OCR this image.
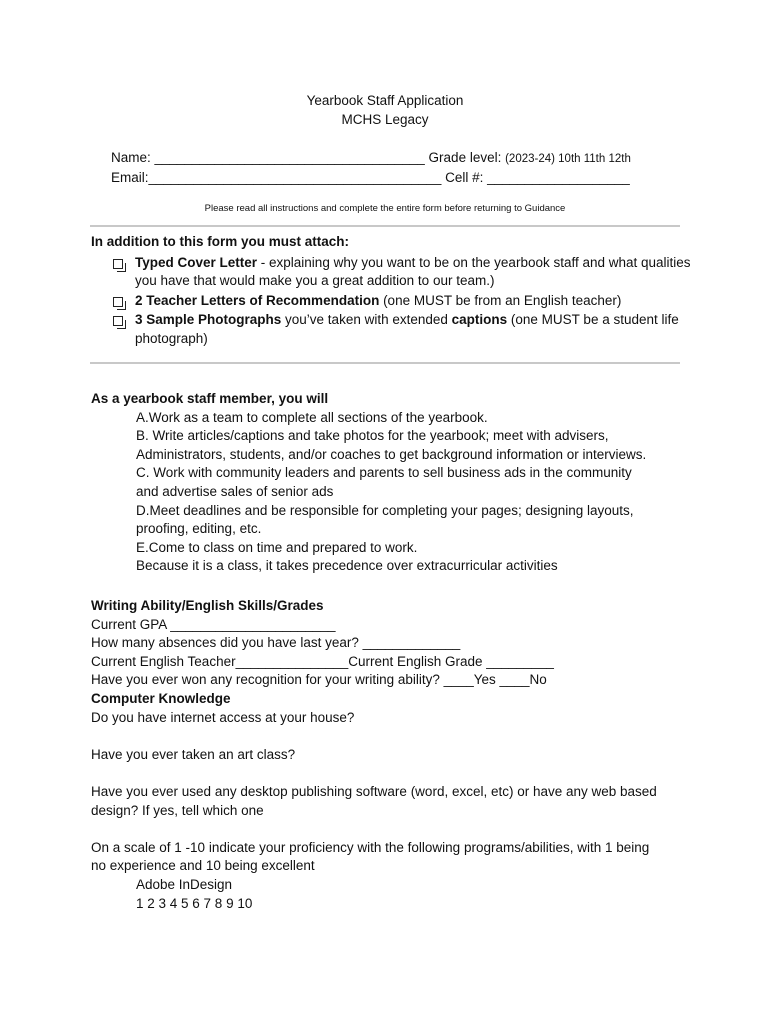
Yearbook Staff Application
MCHS Legacy
Name: ____________________________________ Grade level: (2023-24) 10th 11th 12th
Email:_______________________________________ Cell #: ___________________
Please read all instructions and complete the entire form before returning to Guidance
In addition to this form you must attach:
Typed Cover Letter - explaining why you want to be on the yearbook staff and what qualities you have that would make you a great addition to our team.)
2 Teacher Letters of Recommendation (one MUST be from an English teacher)
3 Sample Photographs you’ve taken with extended captions (one MUST be a student life photograph)
As a yearbook staff member, you will
A.Work as a team to complete all sections of the yearbook.
B. Write articles/captions and take photos for the yearbook; meet with advisers,
Administrators, students, and/or coaches to get background information or interviews.
C. Work with community leaders and parents to sell business ads in the community
and advertise sales of senior ads
D.Meet deadlines and be responsible for completing your pages; designing layouts,
proofing, editing, etc.
E.Come to class on time and prepared to work.
Because it is a class, it takes precedence over extracurricular activities
Writing Ability/English Skills/Grades
Current GPA ______________________
How many absences did you have last year? _____________
Current English Teacher_______________Current English Grade _________
Have you ever won any recognition for your writing ability? ____Yes ____No
Computer Knowledge
Do you have internet access at your house?
Have you ever taken an art class?
Have you ever used any desktop publishing software (word, excel, etc) or have any web based
design? If yes, tell which one
On a scale of 1 -10 indicate your proficiency with the following programs/abilities, with 1 being
no experience and 10 being excellent
Adobe InDesign
1 2 3 4 5 6 7 8 9 10
